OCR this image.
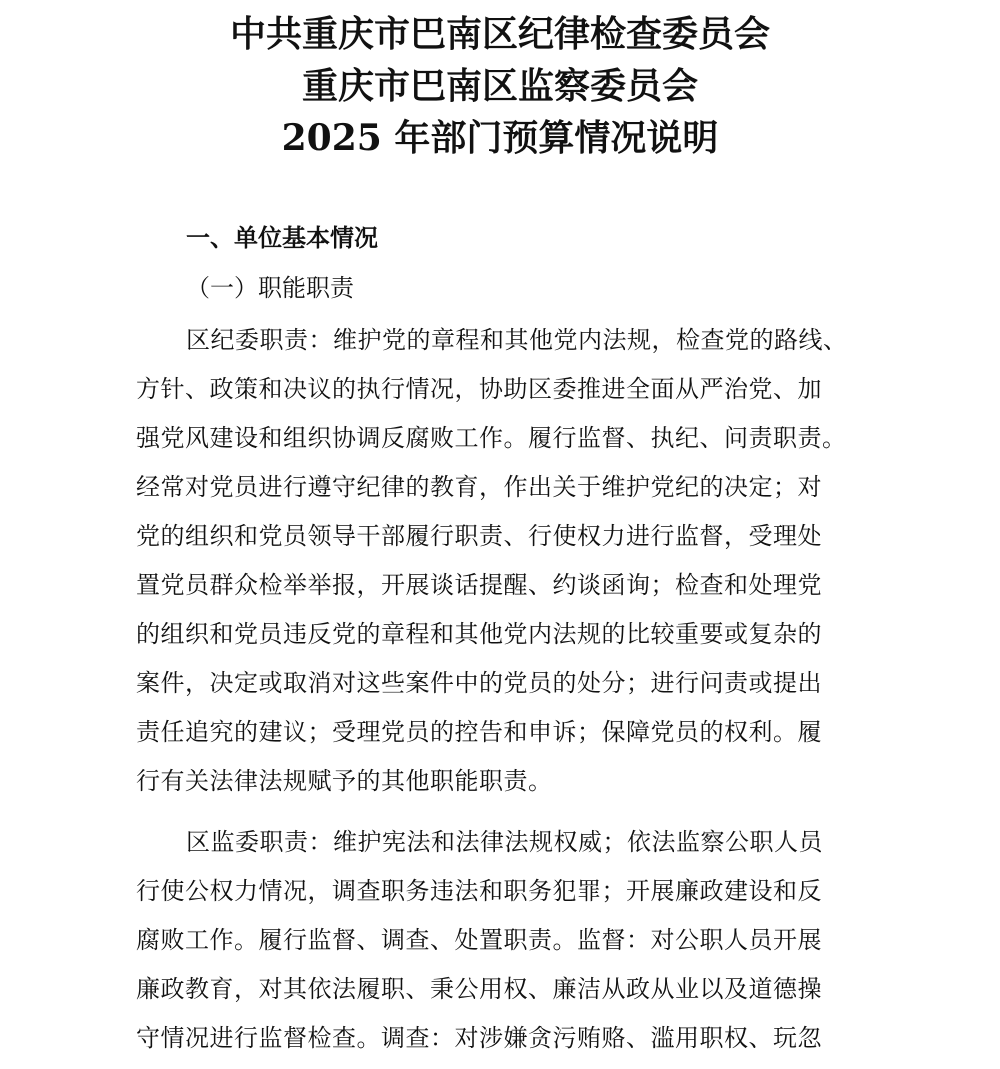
中共重庆市巴南区纪律检查委员会
重庆市巴南区监察委员会
2025 年部门预算情况说明
一、单位基本情况
（一）职能职责
区纪委职责：维护党的章程和其他党内法规，检查党的路线、
方针、政策和决议的执行情况，协助区委推进全面从严治党、加
强党风建设和组织协调反腐败工作。履行监督、执纪、问责职责。
经常对党员进行遵守纪律的教育，作出关于维护党纪的决定；对
党的组织和党员领导干部履行职责、行使权力进行监督，受理处
置党员群众检举举报，开展谈话提醒、约谈函询；检查和处理党
的组织和党员违反党的章程和其他党内法规的比较重要或复杂的
案件，决定或取消对这些案件中的党员的处分；进行问责或提出
责任追究的建议；受理党员的控告和申诉；保障党员的权利。履
行有关法律法规赋予的其他职能职责。
区监委职责：维护宪法和法律法规权威；依法监察公职人员
行使公权力情况，调查职务违法和职务犯罪；开展廉政建设和反
腐败工作。履行监督、调查、处置职责。监督：对公职人员开展
廉政教育，对其依法履职、秉公用权、廉洁从政从业以及道德操
守情况进行监督检查。调查：对涉嫌贪污贿赂、滥用职权、玩忽
